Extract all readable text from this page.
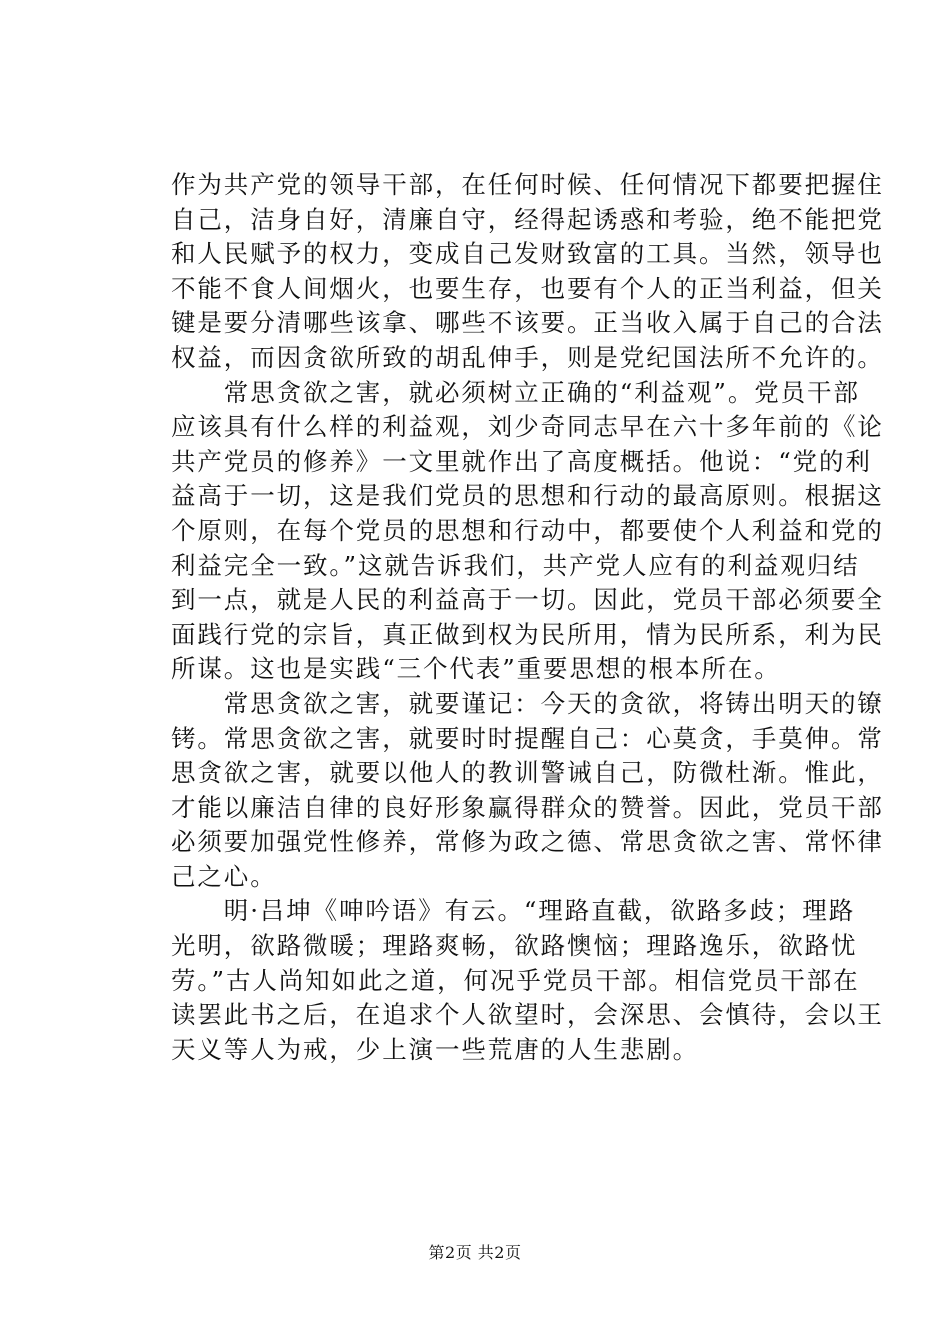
作为共产党的领导干部，在任何时候、任何情况下都要把握住
自己，洁身自好，清廉自守，经得起诱惑和考验，绝不能把党
和人民赋予的权力，变成自己发财致富的工具。当然，领导也
不能不食人间烟火，也要生存，也要有个人的正当利益，但关
键是要分清哪些该拿、哪些不该要。正当收入属于自己的合法
权益，而因贪欲所致的胡乱伸手，则是党纪国法所不允许的。
　　常思贪欲之害，就必须树立正确的“利益观”。党员干部
应该具有什么样的利益观，刘少奇同志早在六十多年前的《论
共产党员的修养》一文里就作出了高度概括。他说：“党的利
益高于一切，这是我们党员的思想和行动的最高原则。根据这
个原则，在每个党员的思想和行动中，都要使个人利益和党的
利益完全一致。”这就告诉我们，共产党人应有的利益观归结
到一点，就是人民的利益高于一切。因此，党员干部必须要全
面践行党的宗旨，真正做到权为民所用，情为民所系，利为民
所谋。这也是实践“三个代表”重要思想的根本所在。
　　常思贪欲之害，就要谨记：今天的贪欲，将铸出明天的镣
铐。常思贪欲之害，就要时时提醒自己：心莫贪，手莫伸。常
思贪欲之害，就要以他人的教训警诫自己，防微杜渐。惟此，
才能以廉洁自律的良好形象赢得群众的赞誉。因此，党员干部
必须要加强党性修养，常修为政之德、常思贪欲之害、常怀律
己之心。
　　明·吕坤《呻吟语》有云。“理路直截，欲路多歧；理路
光明，欲路微暖；理路爽畅，欲路懊恼；理路逸乐，欲路忧
劳。”古人尚知如此之道，何况乎党员干部。相信党员干部在
读罢此书之后，在追求个人欲望时，会深思、会慎待，会以王
天义等人为戒，少上演一些荒唐的人生悲剧。
第2页 共2页
